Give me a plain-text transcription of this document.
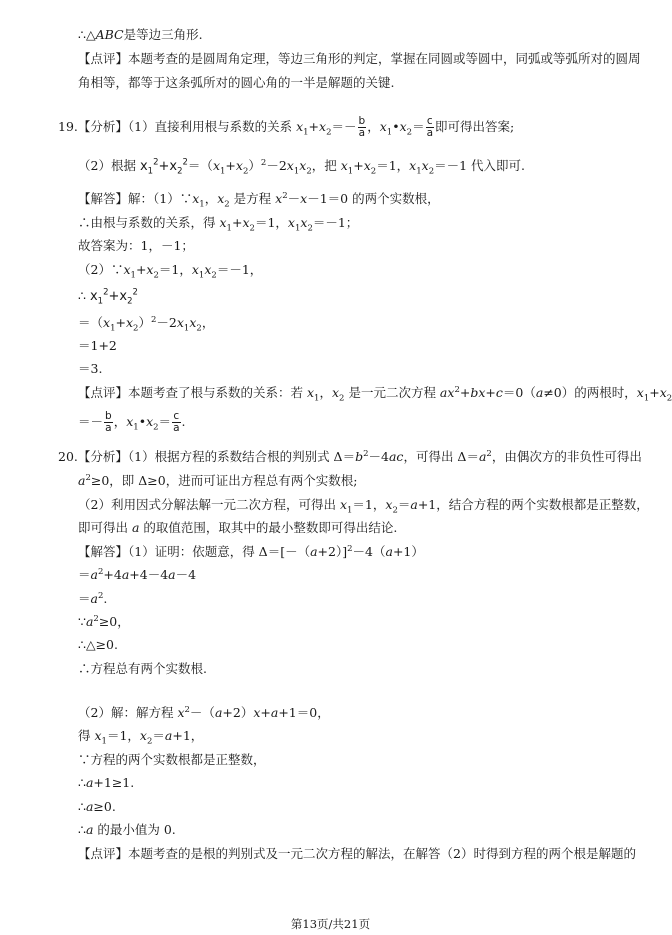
∴△ABC是等边三角形.
【点评】本题考查的是圆周角定理，等边三角形的判定，掌握在同圆或等圆中，同弧或等弧所对的圆周
角相等，都等于这条弧所对的圆心角的一半是解题的关键.
19.【分析】（1）直接利用根与系数的关系 $x_1+x_2=- \frac{b}{a}$ ，$x_1•x_2= \frac{c}{a}$ 即可得出答案;
（2）根据 $x_1^2+x_2^2=(x_1+x_2)^2-2x_1x_2$，把 $x_1+x_2=1$，$x_1x_2=-1$ 代入即可.
【解答】解：$(1)\because x_1$，$x_2$ 是方程 $x^2-x-1=0$ 的两个实数根，
∴由根与系数的关系，得 $x_1+x_2=1$，$x_1x_2=-1$；
故答案为：1，－1；
$(2)\because x_1+x_2=1$，$x_1x_2=-1$，
∴ $x_1^2+x_2^2$
$=(x_1+x_2)^2-2x_1x_2$，
＝1+2
＝3.
【点评】本题考查了根与系数的关系：若 $x_1$，$x_2$ 是一元二次方程 $ax^2+bx+c=0(a\ne 0)$的两根时，$x_1+x_2$
＝－ $\frac{b}{a}$ ，$x_1•x_2= \frac{c}{a}$ .
20.【分析】（1）根据方程的系数结合根的判别式 $\Delta=b^2-4ac$，可得出 $\Delta=a^2$，由偶次方的非负性可得出
$a^2\ge 0$，即 Δ≥0，进而可证出方程总有两个实数根;
（2）利用因式分解法解一元二次方程，可得出 $x_1=1$，$x_2=a+1$，结合方程的两个实数根都是正整数，
即可得出 a 的取值范围，取其中的最小整数即可得出结论.
【解答】（1）证明：依题意，得 $\Delta=[-(a+2)]^2-4(a+1)$
$=a^2+4a+4-4a-4$
$=a^2$.
$\because a^2\ge 0$，
∴△≥0.
∴方程总有两个实数根.
（2）解：解方程 $x^2-(a+2)x+a+1=0$，
得 $x_1=1$，$x_2=a+1$，
∵方程的两个实数根都是正整数，
∴a+1≥1.
∴a≥0.
∴a 的最小值为 0.
【点评】本题考查的是根的判别式及一元二次方程的解法，在解答（2）时得到方程的两个根是解题的
第13页/共21页
